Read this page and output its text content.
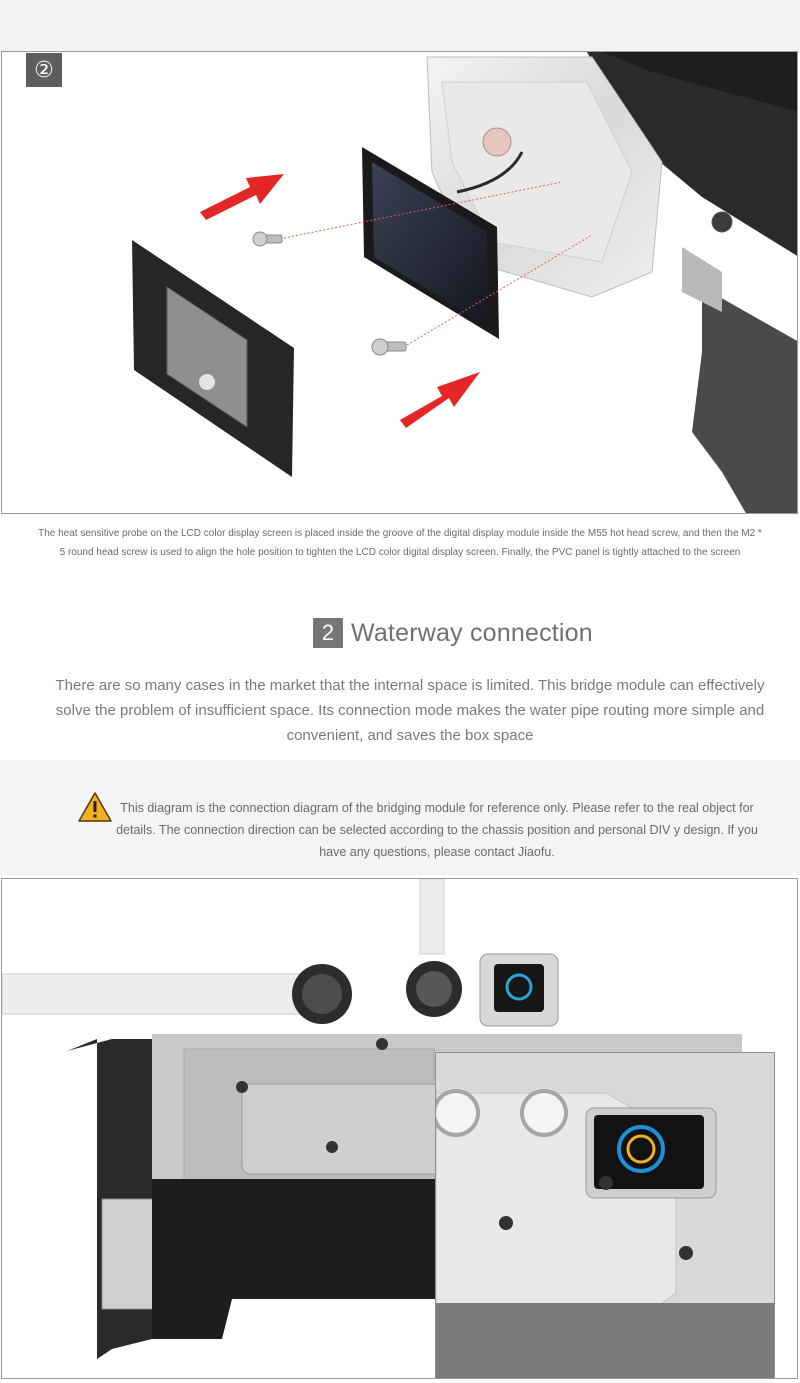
②
The heat sensitive probe on the LCD color display screen is placed inside the groove of the digital display module inside the M55 hot head screw, and then the M2 * 5 round head screw is used to align the hole position to tighten the LCD color digital display screen. Finally, the PVC panel is tightly attached to the screen
2 Waterway connection
There are so many cases in the market that the internal space is limited. This bridge module can effectively solve the problem of insufficient space. Its connection mode makes the water pipe routing more simple and convenient, and saves the box space
This diagram is the connection diagram of the bridging module for reference only. Please refer to the real object for details. The connection direction can be selected according to the chassis position and personal DIV y design. If you have any questions, please contact Jiaofu.
